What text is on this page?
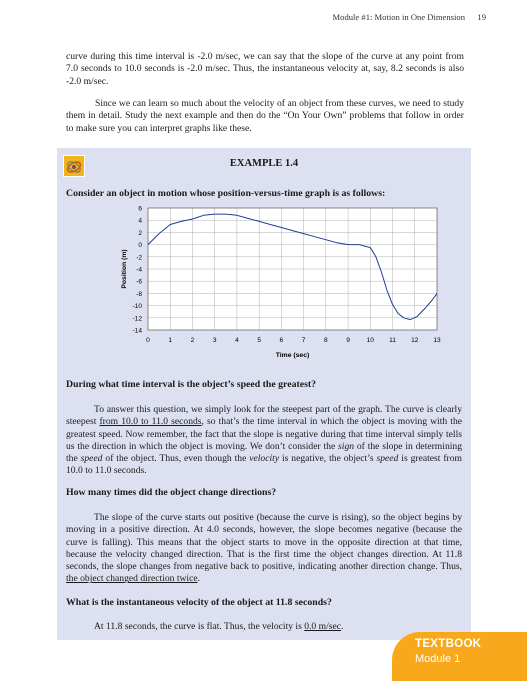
Module #1: Motion in One Dimension 19

curve during this time interval is -2.0 m/sec, we can say that the slope of the curve at any point from 7.0 seconds to 10.0 seconds is -2.0 m/sec. Thus, the instantaneous velocity at, say, 8.2 seconds is also -2.0 m/sec.

Since we can learn so much about the velocity of an object from these curves, we need to study them in detail. Study the next example and then do the “On Your Own” problems that follow in order to make sure you can interpret graphs like these.

EXAMPLE 1.4
Consider an object in motion whose position-versus-time graph is as follows:
6
4
2
0
-2
-4
-6
-8
-10
-12
-14
0	1	2	3	4	5	6	7	8	9	10 11 12 13
Time (sec)
Position (m)
During what time interval is the object’s speed the greatest?

To answer this question, we simply look for the steepest part of the graph. The curve is clearly steepest from 10.0 to 11.0 seconds, so that’s the time interval in which the object is moving with the greatest speed. Now remember, the fact that the slope is negative during that time interval simply tells us the direction in which the object is moving. We don’t consider the sign of the slope in determining the speed of the object. Thus, even though the velocity is negative, the object’s speed is greatest from 10.0 to 11.0 seconds.

How many times did the object change directions?

The slope of the curve starts out positive (because the curve is rising), so the object begins by moving in a positive direction. At 4.0 seconds, however, the slope becomes negative (because the curve is falling). This means that the object starts to move in the opposite direction at that time, because the velocity changed direction. That is the first time the object changes direction. At 11.8 seconds, the slope changes from negative back to positive, indicating another direction change. Thus, the object changed direction twice.

What is the instantaneous velocity of the object at 11.8 seconds?

At 11.8 seconds, the curve is flat. Thus, the velocity is 0.0 m/sec.

TEXTBOOK
Module 1
